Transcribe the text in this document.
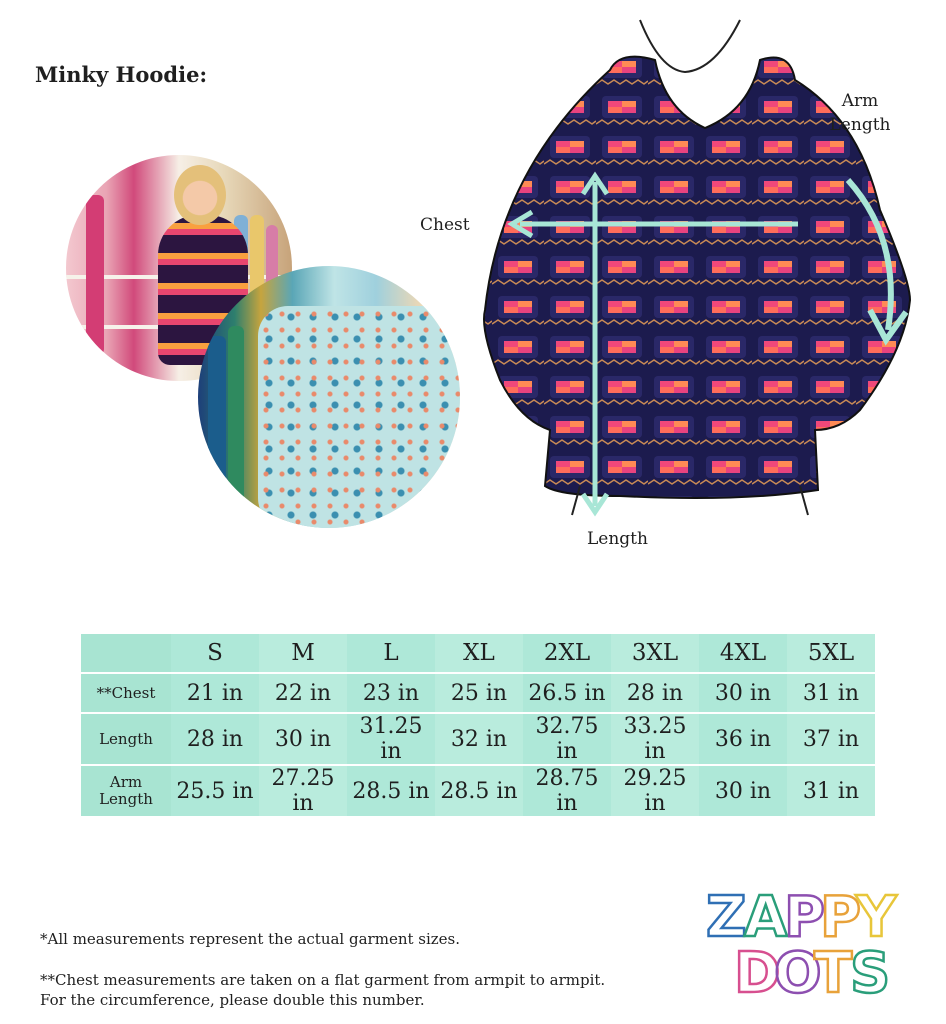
Minky Hoodie:
Chest
Arm
Length
Length
	S	M	L	XL	2XL	3XL	4XL	5XL
**Chest	21 in	22 in	23 in	25 in	26.5 in	28 in	30 in	31 in
Length	28 in	30 in	31.25 in	32 in	32.75 in	33.25 in	36 in	37 in

Arm
Length	25.5 in	27.25 in	28.5 in	28.5 in	28.75 in	29.25 in	30 in	31 in
*All measurements represent the actual garment sizes.
**Chest measurements are taken on a flat garment from armpit to armpit.
For the circumference, please double this number.
Z
A
P
P
Y
D
O
T
S
